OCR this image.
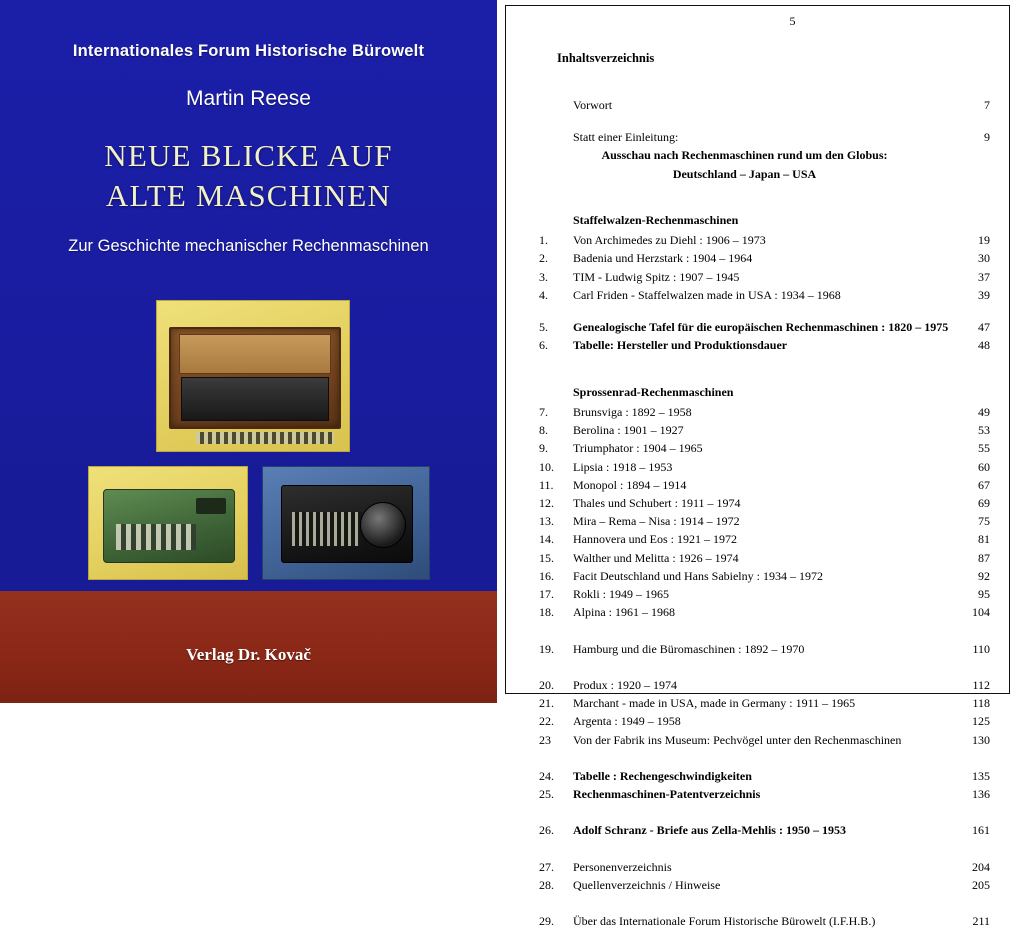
Internationales Forum Historische Bürowelt
Martin Reese
NEUE BLICKE AUF
ALTE MASCHINEN
Zur Geschichte mechanischer Rechenmaschinen
Verlag Dr. Kovač
5
Inhaltsverzeichnis
Vorwort	7
Statt einer Einleitung:	9
Ausschau nach Rechenmaschinen rund um den Globus:
Deutschland – Japan – USA
Staffelwalzen-Rechenmaschinen
1.	Von Archimedes zu Diehl : 1906 – 1973	19
2.	Badenia und Herzstark : 1904 – 1964	30
3.	TIM - Ludwig Spitz : 1907 – 1945	37
4.	Carl Friden - Staffelwalzen made in USA : 1934 – 1968	39
5.	Genealogische Tafel für die europäischen Rechenmaschinen : 1820 – 1975	47
6.	Tabelle: Hersteller und Produktionsdauer	48
Sprossenrad-Rechenmaschinen
7.	Brunsviga : 1892 – 1958	49
8.	Berolina : 1901 – 1927	53
9.	Triumphator : 1904 – 1965	55
10.	Lipsia : 1918 – 1953	60
11.	Monopol : 1894 – 1914	67
12.	Thales und Schubert : 1911 – 1974	69
13.	Mira – Rema – Nisa : 1914 – 1972	75
14.	Hannovera und Eos : 1921 – 1972	81
15.	Walther und Melitta : 1926 – 1974	87
16.	Facit Deutschland und Hans Sabielny : 1934 – 1972	92
17.	Rokli : 1949 – 1965	95
18.	Alpina : 1961 – 1968	104
19.	Hamburg und die Büromaschinen : 1892 – 1970	110
20.	Produx : 1920 – 1974	112
21.	Marchant - made in USA, made in Germany : 1911 – 1965	118
22.	Argenta : 1949 – 1958	125
23	Von der Fabrik ins Museum: Pechvögel unter den Rechenmaschinen	130
24.	Tabelle : Rechengeschwindigkeiten	135
25.	Rechenmaschinen-Patentverzeichnis	136
26.	Adolf Schranz - Briefe aus Zella-Mehlis : 1950 – 1953	161
27.	Personenverzeichnis	204
28.	Quellenverzeichnis / Hinweise	205
29.	Über das Internationale Forum Historische Bürowelt (I.F.H.B.)	211
